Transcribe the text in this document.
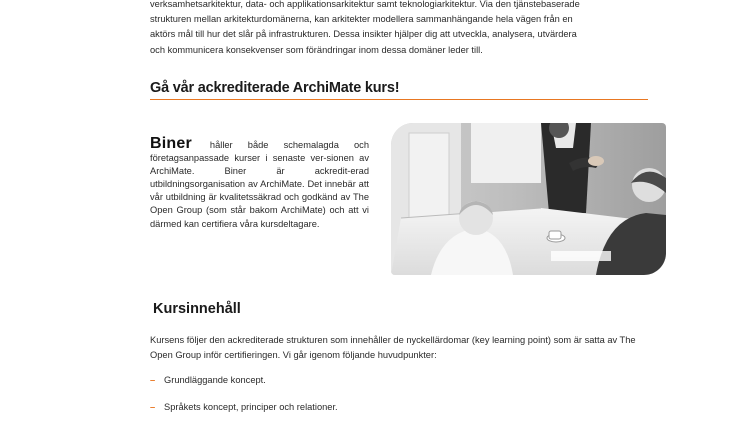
verksamhetsarkitektur, data- och applikationsarkitektur samt teknologiarkitektur. Via den tjänstebaserade
strukturen mellan arkitekturdomänerna, kan arkitekter modellera sammanhängande hela vägen från en
aktörs mål till hur det slår på infrastrukturen. Dessa insikter hjälper dig att utveckla, analysera, utvärdera
och kommunicera konsekvenser som förändringar inom dessa domäner leder till.

Gå vår ackrediterade ArchiMate kurs!

Biner håller både schemalagda och företagsanpassade kurser i senaste ver-sionen av ArchiMate. Biner är ackredit-erad utbildningsorganisation av ArchiMate. Det innebär att vår utbildning är kvalitetssäkrad och godkänd av The Open Group (som står bakom ArchiMate) och att vi därmed kan certifiera våra kursdeltagare.

Kursinnehåll

Kursens följer den ackrediterade strukturen som innehåller de nyckellärdomar (key learning point) som är satta av The Open Group inför certifieringen. Vi går igenom följande huvudpunkter:

– Grundläggande koncept.
– Språkets koncept, principer och relationer.
